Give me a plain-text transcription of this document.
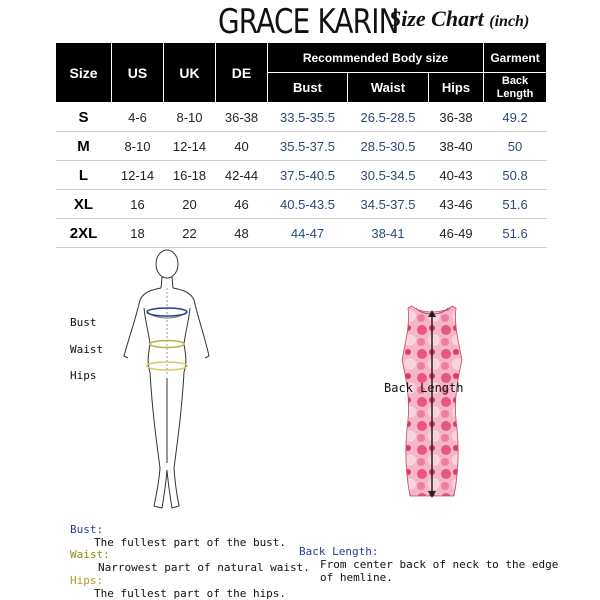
GRACE KARIN
Size Chart (inch)
Size	US	UK	DE	Recommended Body size			Garment
				Bust	Waist	Hips	Back Length
S	4-6	8-10	36-38	33.5-35.5	26.5-28.5	36-38	49.2
M	8-10	12-14	40	35.5-37.5	28.5-30.5	38-40	50
L	12-14	16-18	42-44	37.5-40.5	30.5-34.5	40-43	50.8
XL	16	20	46	40.5-43.5	34.5-37.5	43-46	51.6
2XL	18	22	48	44-47	38-41	46-49	51.6
Bust
Waist
Hips
Back Length
Bust:
The fullest part of the bust.
Waist:
Narrowest part of natural waist.
Hips:
The fullest part of the hips.
Back Length:
From center back of neck to the edge
of hemline.
